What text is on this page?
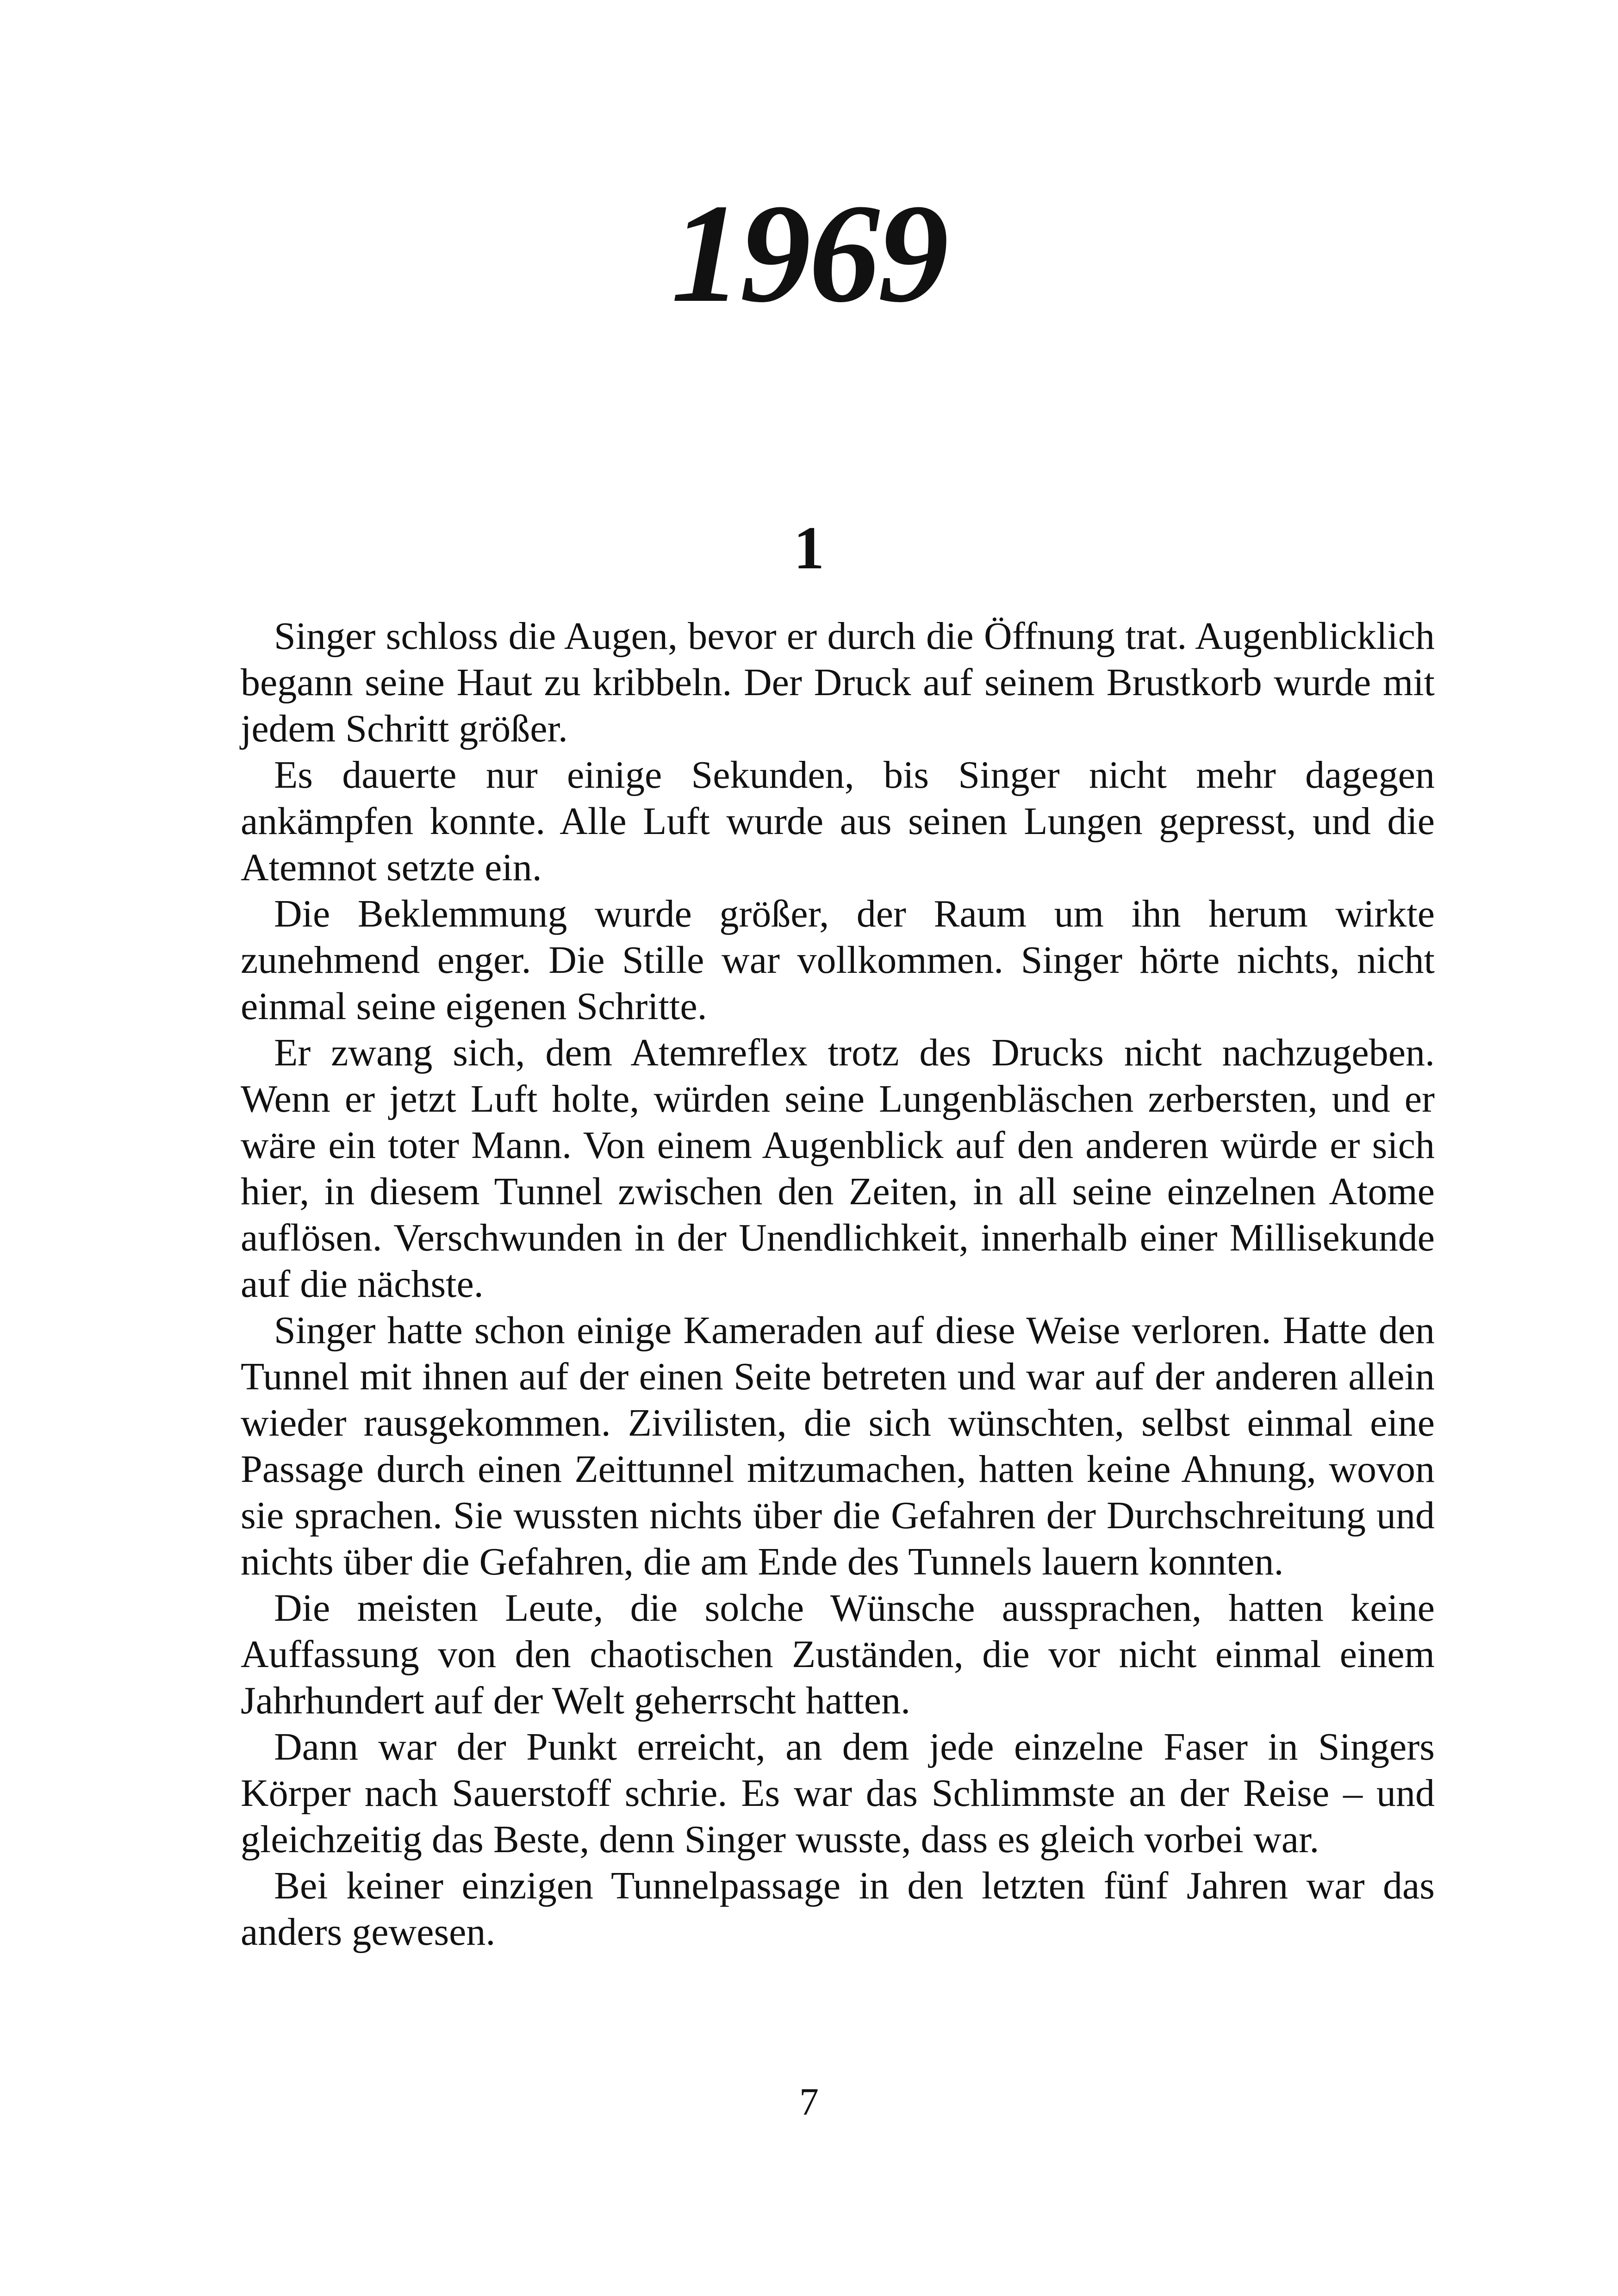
1969
1

Singer schloss die Augen, bevor er durch die Öffnung trat. Augenblicklich begann seine Haut zu kribbeln. Der Druck auf seinem Brustkorb wurde mit jedem Schritt größer.

Es dauerte nur einige Sekunden, bis Singer nicht mehr dagegen ankämpfen konnte. Alle Luft wurde aus seinen Lungen gepresst, und die Atemnot setzte ein.

Die Beklemmung wurde größer, der Raum um ihn herum wirkte zunehmend enger. Die Stille war vollkommen. Singer hörte nichts, nicht einmal seine eigenen Schritte.

Er zwang sich, dem Atemreflex trotz des Drucks nicht nachzugeben. Wenn er jetzt Luft holte, würden seine Lungenbläschen zerbersten, und er wäre ein toter Mann. Von einem Augenblick auf den anderen würde er sich hier, in diesem Tunnel zwischen den Zeiten, in all seine einzelnen Atome auflösen. Verschwunden in der Unendlichkeit, innerhalb einer Millisekunde auf die nächste.

Singer hatte schon einige Kameraden auf diese Weise verloren. Hatte den Tunnel mit ihnen auf der einen Seite betreten und war auf der anderen allein wieder rausgekommen. Zivilisten, die sich wünschten, selbst einmal eine Passage durch einen Zeittunnel mitzumachen, hatten keine Ahnung, wovon sie sprachen. Sie wussten nichts über die Gefahren der Durchschreitung und nichts über die Gefahren, die am Ende des Tunnels lauern konnten.

Die meisten Leute, die solche Wünsche aussprachen, hatten keine Auffassung von den chaotischen Zuständen, die vor nicht einmal einem Jahrhundert auf der Welt geherrscht hatten.

Dann war der Punkt erreicht, an dem jede einzelne Faser in Singers Körper nach Sauerstoff schrie. Es war das Schlimmste an der Reise – und gleichzeitig das Beste, denn Singer wusste, dass es gleich vorbei war.

Bei keiner einzigen Tunnelpassage in den letzten fünf Jahren war das anders gewesen.

7
